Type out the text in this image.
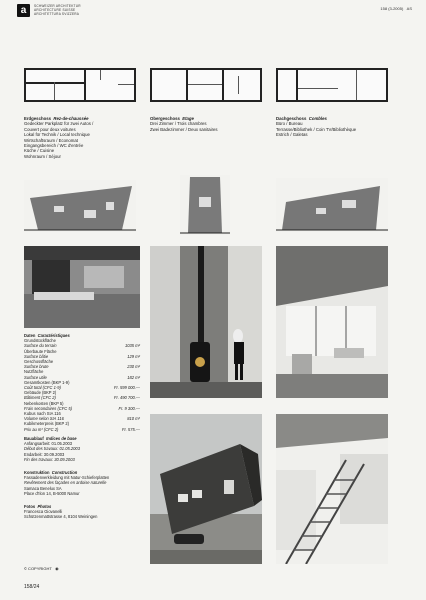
a	SCHWEIZER ARCHITEKTUR
ARCHITECTURE SUISSE
ARCHITETTURA SVIZZERA
158 (3-2005) AS
Erdgeschoss Rez-de-chaussée
Gedeckter Parkplatz für zwei Autos /
Couvert pour deux voitures
Lokal für Technik / Local technique
Wirtschaftsraum / Economat
Eingangsbereich / WC d'entrée
Küche / Cuisine
Wohnraum / Séjour
Obergeschoss Etage
Drei Zimmer / Trois chambres
Zwei Badezimmer / Deux sanitaires
Dachgeschoss Combles
Büro / Bureau
Terrasse/Bibliothek / Coin TV/Bibliothèque
Estrich / Galetas
Daten Caractéristiques
Grundstückfläche
Surface du terrain	1035 m²
Überbaute Fläche
Surface bâtie	129 m²
Geschossfläche
Surface brute	230 m²
Nutzfläche
Surface utile	182 m²
Gesamtkosten (BKP 1-9)
Coût total (CFC 1-9)	Fr. 599 000.—
Gebäude (BKP 2)
Bâtiment (CFC 2)	Fr. 490 700.—
Nebenkosten (BKP 5)
Frais secondaires (CFC 5)	Fr. 9 300.—
Kubus nach SIA 116
Volume selon SIA 116	810 m³
Kubikmeterpreis (BKP 2)
Prix au m³ (CFC 2)	Fr. 575.—
Bauablauf Indices de base
Anfangsarbeit: 01.05.2003
Début des travaux: 01.05.2003
Endarbeit: 30.09.2003
Fin des travaux: 30.09.2003
Konstruktion Construction
Fassadenverkleidung mit Natur-Schieferplatten
Revêtement des façades en ardoise naturelle
Samaca Benelux SA
Place d'Ilon 14, B-5000 Namur
Fotos Photos
Francesca Giovanelli
Schützenmattstrasse 4, 8104 Weiningen
© COPYRIGHT   ◉
158/24
